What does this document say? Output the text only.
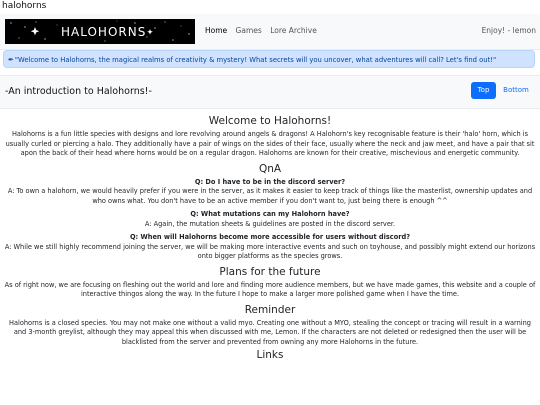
halohorns
HALOHORNS	Home Games Lore Archive	Enjoy! - lemon
✒"Welcome to Halohorns, the magical realms of creativity & mystery! What secrets will you uncover, what adventures will call? Let's find out!"
-An introduction to Halohorns!-	Top	Bottom
Welcome to Halohorns!

Halohorns is a fun little species with designs and lore revolving around angels & dragons! A Halohorn's key recognisable feature is their 'halo' horn, which is usually curled or piercing a halo. They additionally have a pair of wings on the sides of their face, usually where the neck and jaw meet, and have a pair that sit apon the back of their head where horns would be on a regular dragon. Halohorns are known for their creative, mischevious and energetic community.

QnA

Q: Do I have to be in the discord server?

A: To own a halohorn, we would heavily prefer if you were in the server, as it makes it easier to keep track of things like the masterlist, ownership updates and who owns what. You don't have to be an active member if you don't want to, just being there is enough ^^

Q: What mutations can my Halohorn have?

A: Again, the mutation sheets & guidelines are posted in the discord server.

Q: When will Halohorns become more accessible for users without discord?

A: While we still highly recommend joining the server, we will be making more interactive events and such on toyhouse, and possibly might extend our horizons onto bigger platforms as the species grows.

Plans for the future

As of right now, we are focusing on fleshing out the world and lore and finding more audience members, but we have made games, this website and a couple of interactive thingos along the way. In the future I hope to make a larger more polished game when I have the time.

Reminder

Halohorns is a closed species. You may not make one without a valid myo. Creating one without a MYO, stealing the concept or tracing will result in a warning and 3-month greylist, although they may appeal this when discussed with me, Lemon. If the characters are not deleted or redesigned then the user will be blacklisted from the server and prevented from owning any more Halohorns in the future.

Links
